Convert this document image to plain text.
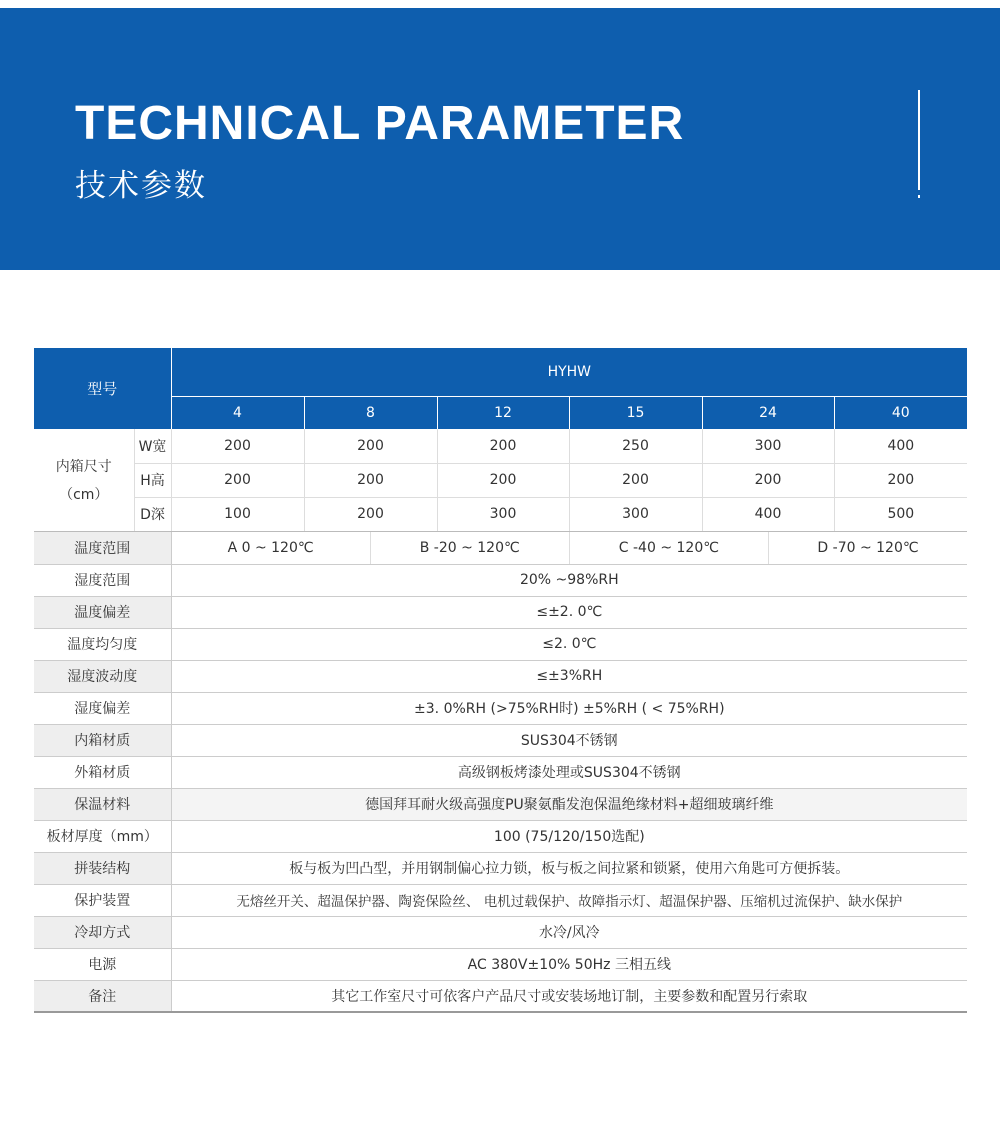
TECHNICAL PARAMETER
技术参数
型号		HYHW					
		4	8	12	15	24	40

内箱尺寸
（cm）	W宽	200	200	200	250	300	400
	H高	200	200	200	200	200	200
	D深	100	200	300	300	400	500
温度范围		A 0 ~ 120℃ B -20 ~ 120℃ C -40 ~ 120℃ D -70 ~ 120℃					

湿度范围		20% ~98%RH					
温度偏差		≤±2. 0℃					
温度均匀度		≤2. 0℃					
湿度波动度		≤±3%RH					
湿度偏差		±3. 0%RH (>75%RH时) ±5%RH ( < 75%RH)					
内箱材质		SUS304不锈钢					
外箱材质		高级钢板烤漆处理或SUS304不锈钢					
保温材料		德国拜耳耐火级高强度PU聚氨酯发泡保温绝缘材料+超细玻璃纤维					
板材厚度（mm）		100 (75/120/150选配)					
拼装结构		板与板为凹凸型，并用钢制偏心拉力锁，板与板之间拉紧和锁紧，使用六角匙可方便拆装。					
保护装置		无熔丝开关、超温保护器、陶瓷保险丝、 电机过载保护、故障指示灯、超温保护器、压缩机过流保护、缺水保护					
冷却方式		水冷/风冷					
电源		AC 380V±10% 50Hz 三相五线					
备注		其它工作室尺寸可依客户产品尺寸或安装场地订制，主要参数和配置另行索取					
